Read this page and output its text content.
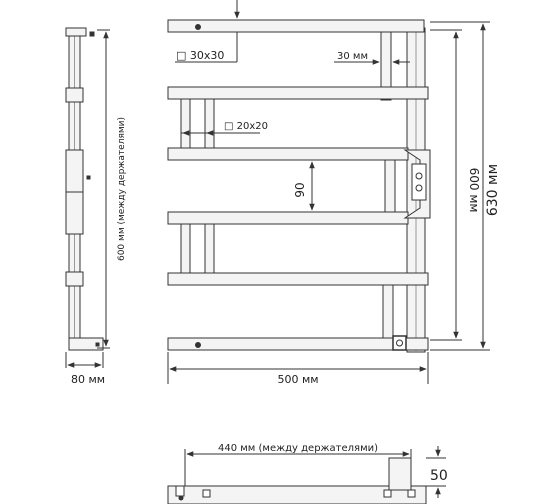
600 мм (между держателями)
80 мм
□ 30x30	30 мм
□ 20x20
90	600 мм 630 мм
500 мм
440 мм (между держателями)
50
